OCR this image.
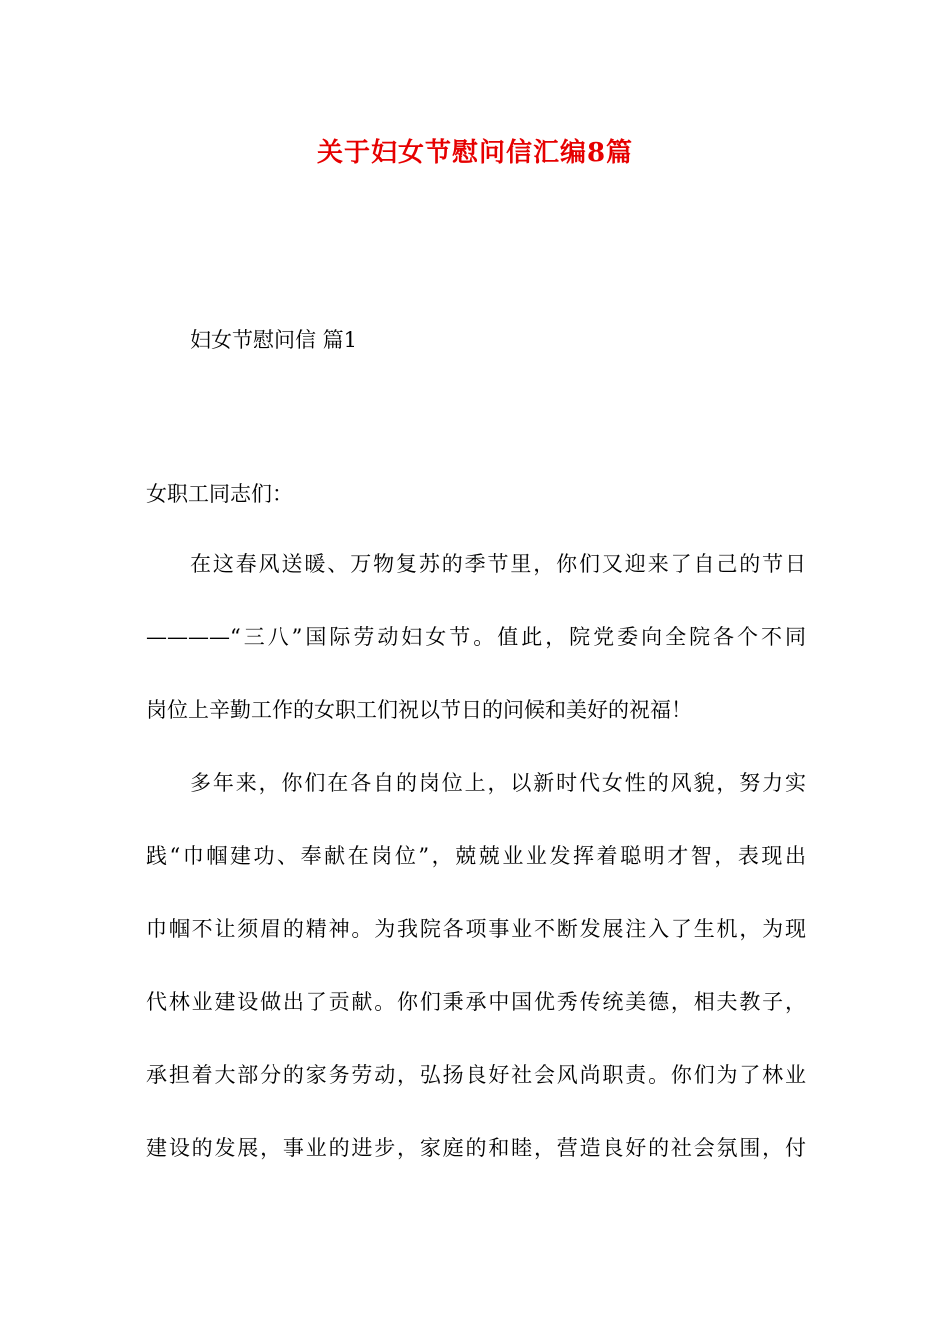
关于妇女节慰问信汇编8篇
妇女节慰问信 篇1
女职工同志们：
在这春风送暖、万物复苏的季节里，你们又迎来了自己的节日
————“三八”国际劳动妇女节。值此，院党委向全院各个不同
岗位上辛勤工作的女职工们祝以节日的问候和美好的祝福！
多年来，你们在各自的岗位上，以新时代女性的风貌，努力实
践“巾帼建功、奉献在岗位”，兢兢业业发挥着聪明才智，表现出
巾帼不让须眉的精神。为我院各项事业不断发展注入了生机，为现
代林业建设做出了贡献。你们秉承中国优秀传统美德，相夫教子，
承担着大部分的家务劳动，弘扬良好社会风尚职责。你们为了林业
建设的发展，事业的进步，家庭的和睦，营造良好的社会氛围，付
